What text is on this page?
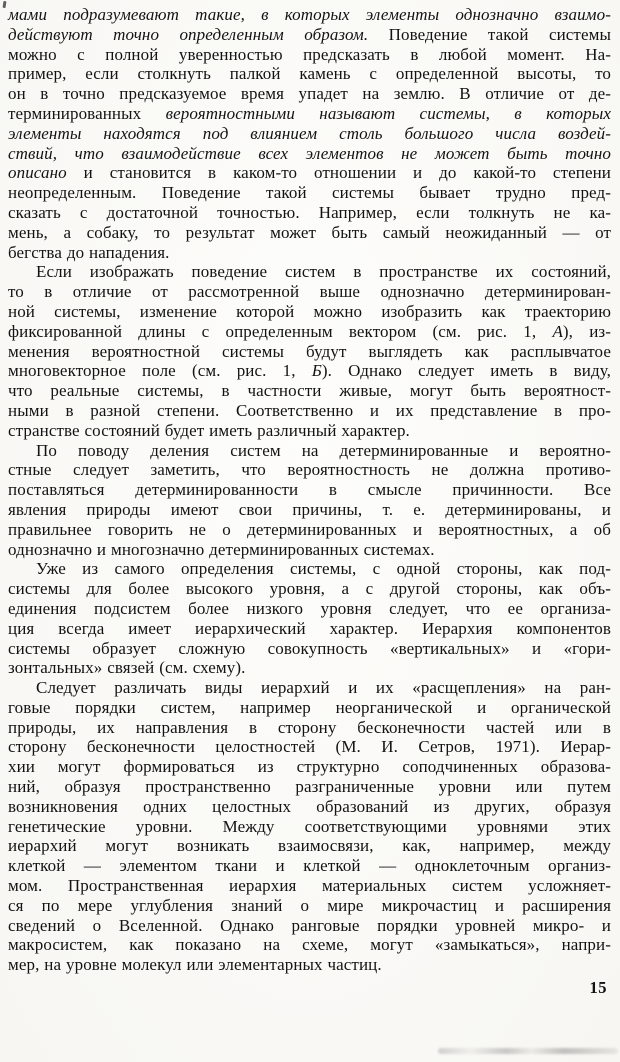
мами подразумевают такие, в которых элементы однозначно взаимо-
действуют точно определенным образом. Поведение такой системы
можно с полной уверенностью предсказать в любой момент. На-
пример, если столкнуть палкой камень с определенной высоты, то
он в точно предсказуемое время упадет на землю. В отличие от де-
терминированных вероятностными называют системы, в которых
элементы находятся под влиянием столь большого числа воздей-
ствий, что взаимодействие всех элементов не может быть точно
описано и становится в каком-то отношении и до какой-то степени
неопределенным. Поведение такой системы бывает трудно пред-
сказать с достаточной точностью. Например, если толкнуть не ка-
мень, а собаку, то результат может быть самый неожиданный — от
бегства до нападения.
Если изображать поведение систем в пространстве их состояний,
то в отличие от рассмотренной выше однозначно детерминирован-
ной системы, изменение которой можно изобразить как траекторию
фиксированной длины с определенным вектором (см. рис. 1, А), из-
менения вероятностной системы будут выглядеть как расплывчатое
многовекторное поле (см. рис. 1, Б). Однако следует иметь в виду,
что реальные системы, в частности живые, могут быть вероятност-
ными в разной степени. Соответственно и их представление в про-
странстве состояний будет иметь различный характер.
По поводу деления систем на детерминированные и вероятно-
стные следует заметить, что вероятностность не должна противо-
поставляться детерминированности в смысле причинности. Все
явления природы имеют свои причины, т. е. детерминированы, и
правильнее говорить не о детерминированных и вероятностных, а об
однозначно и многозначно детерминированных системах.
Уже из самого определения системы, с одной стороны, как под-
системы для более высокого уровня, а с другой стороны, как объ-
единения подсистем более низкого уровня следует, что ее организа-
ция всегда имеет иерархический характер. Иерархия компонентов
системы образует сложную совокупность «вертикальных» и «гори-
зонтальных» связей (см. схему).
Следует различать виды иерархий и их «расщепления» на ран-
говые порядки систем, например неорганической и органической
природы, их направления в сторону бесконечности частей или в
сторону бесконечности целостностей (М. И. Сетров, 1971). Иерар-
хии могут формироваться из структурно соподчиненных образова-
ний, образуя пространственно разграниченные уровни или путем
возникновения одних целостных образований из других, образуя
генетические уровни. Между соответствующими уровнями этих
иерархий могут возникать взаимосвязи, как, например, между
клеткой — элементом ткани и клеткой — одноклеточным организ-
мом. Пространственная иерархия материальных систем усложняет-
ся по мере углубления знаний о мире микрочастиц и расширения
сведений о Вселенной. Однако ранговые порядки уровней микро- и
макросистем, как показано на схеме, могут «замыкаться», напри-
мер, на уровне молекул или элементарных частиц.
15
